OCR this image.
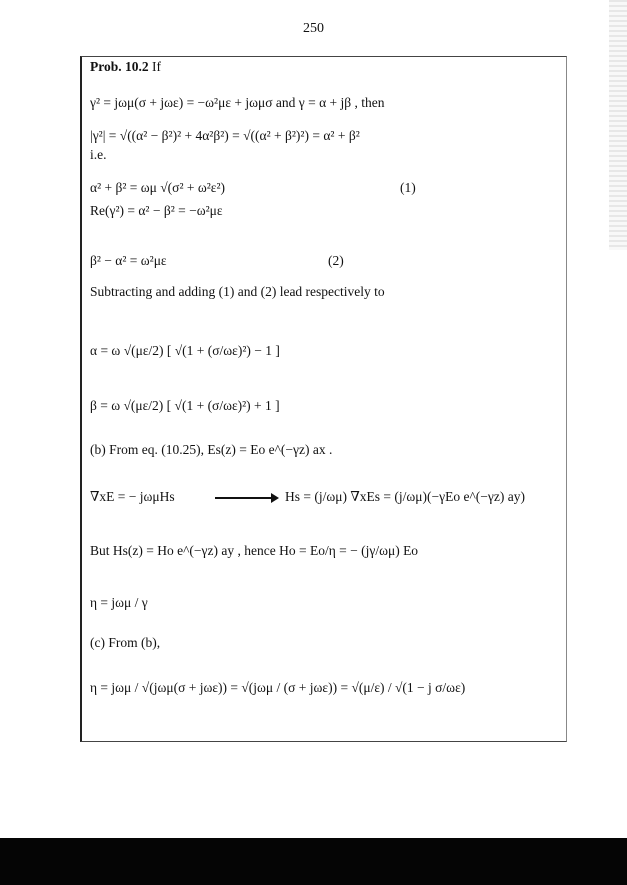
250
Prob. 10.2 If
γ² = jωμ(σ + jωε) = −ω²με + jωμσ and γ = α + jβ , then
|γ²| = √((α² − β²)² + 4α²β²) = √((α² + β²)²) = α² + β²
i.e.
α² + β² = ωμ √(σ² + ω²ε²)	(1)
Re(γ²) = α² − β² = −ω²με
β² − α² = ω²με	(2)
Subtracting and adding (1) and (2) lead respectively to
α = ω √(με/2) [ √(1 + (σ/ωε)²) − 1 ]
β = ω √(με/2) [ √(1 + (σ/ωε)²) + 1 ]
(b) From eq. (10.25), Es(z) = Eo e^(−γz) ax .
∇xE = − jωμHs	Hs = (j/ωμ) ∇xEs = (j/ωμ)(−γEo e^(−γz) ay)
But Hs(z) = Ho e^(−γz) ay , hence Ho = Eo/η = − (jγ/ωμ) Eo
η = jωμ / γ
(c) From (b),
η = jωμ / √(jωμ(σ + jωε)) = √(jωμ / (σ + jωε)) = √(μ/ε) / √(1 − j σ/ωε)
